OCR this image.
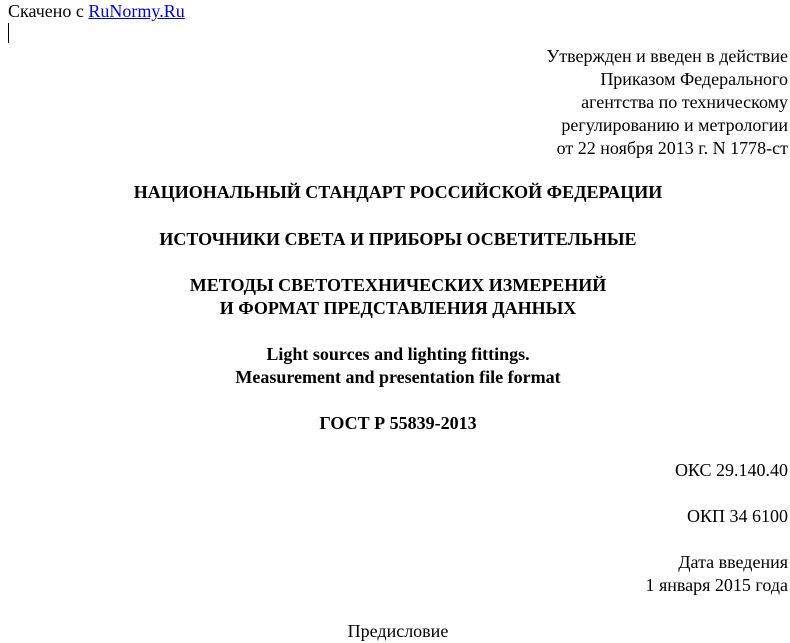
Скачено с RuNormy.Ru
Утвержден и введен в действие
Приказом Федерального
агентства по техническому
регулированию и метрологии
от 22 ноября 2013 г. N 1778-ст
НАЦИОНАЛЬНЫЙ СТАНДАРТ РОССИЙСКОЙ ФЕДЕРАЦИИ
ИСТОЧНИКИ СВЕТА И ПРИБОРЫ ОСВЕТИТЕЛЬНЫЕ
МЕТОДЫ СВЕТОТЕХНИЧЕСКИХ ИЗМЕРЕНИЙ
И ФОРМАТ ПРЕДСТАВЛЕНИЯ ДАННЫХ
Light sources and lighting fittings.
Measurement and presentation file format
ГОСТ Р 55839-2013
ОКС 29.140.40
ОКП 34 6100
Дата введения
1 января 2015 года
Предисловие
